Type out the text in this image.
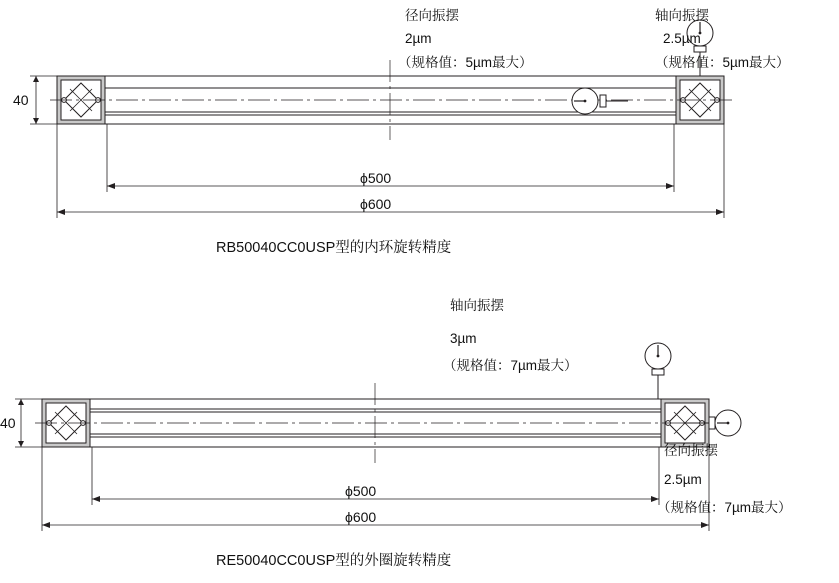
径向振摆
2µm
（规格值：5µm最大）
轴向振摆
2.5µm
（规格值：5µm最大）
40
ϕ500
ϕ600
RB50040CC0USP型的内环旋转精度
轴向振摆
3µm
（规格值：7µm最大）
径向振摆
2.5µm
（规格值：7µm最大）
40
ϕ500
ϕ600
RE50040CC0USP型的外圈旋转精度
